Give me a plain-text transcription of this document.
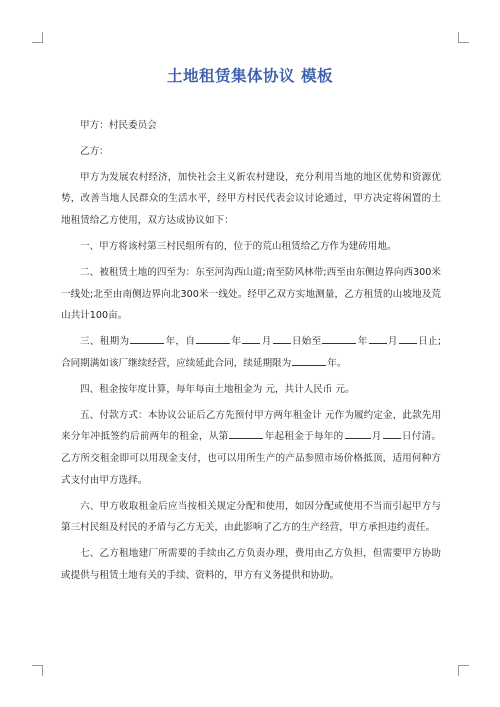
土地租赁集体协议 模板
甲方：村民委员会
乙方：
甲方为发展农村经济，加快社会主义新农村建设，充分利用当地的地区优势和资源优势，改善当地人民群众的生活水平，经甲方村民代表会议讨论通过，甲方决定将闲置的土地租赁给乙方使用，双方达成协议如下：
一、甲方将该村第三村民组所有的，位于的荒山租赁给乙方作为建砖用地。
二、被租赁土地的四至为：东至河沟西山道;南至防风林带;西至由东侧边界向西300米一线处;北至由南侧边界向北300米一线处。经甲乙双方实地测量，乙方租赁的山坡地及荒山共计100亩。
三、租期为	年，自	年 月 日始至	年 月 日止;合同期满如该厂继续经营，应续延此合同，续延期限为	年。
四、租金按年度计算，每年每亩土地租金为 元，共计人民币 元。
五、付款方式：本协议公证后乙方先预付甲方两年租金计 元作为履约定金，此款先用来分年冲抵签约后前两年的租金，从第	年起租金于每年的	月 日付清。乙方所交租金即可以用现金支付，也可以用所生产的产品参照市场价格抵顶，适用何种方式支付由甲方选择。
六、甲方收取租金后应当按相关规定分配和使用，如因分配或使用不当而引起甲方与第三村民组及村民的矛盾与乙方无关，由此影响了乙方的生产经营，甲方承担违约责任。
七、乙方租地建厂所需要的手续由乙方负责办理，费用由乙方负担，但需要甲方协助或提供与租赁土地有关的手续、资料的，甲方有义务提供和协助。
